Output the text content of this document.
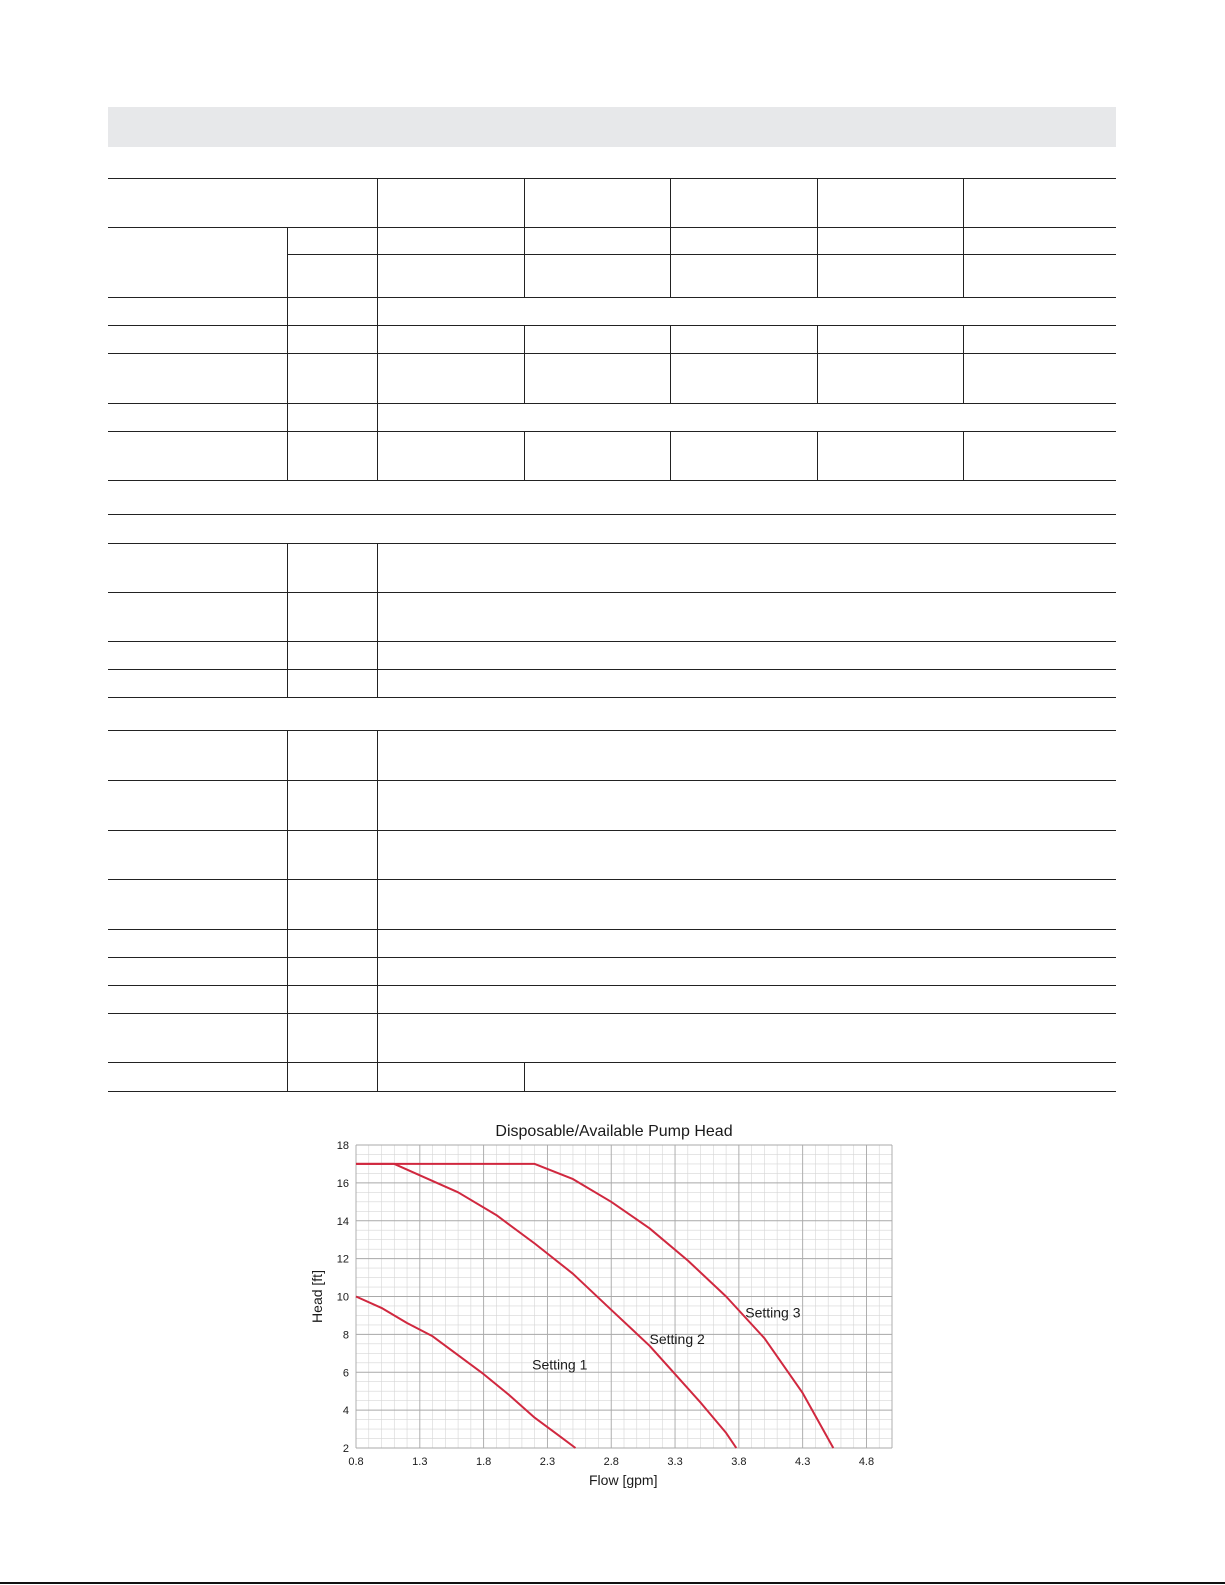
Disposable/Available Pump Head
Setting 1
Setting 2
Setting 3
0.8	1.3	1.8	2.3	2.8	3.3	3.8	4.3	4.8
2
4
6
8
10
12
14
16
18
Flow [gpm]
Head [ft]
